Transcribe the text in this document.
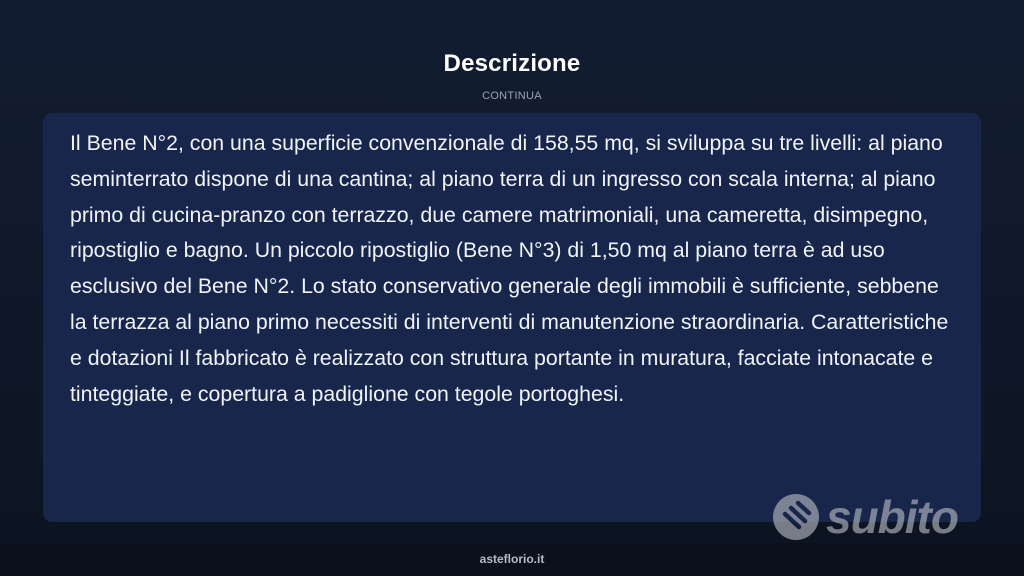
Descrizione
CONTINUA

Il Bene N°2, con una superficie convenzionale di 158,55 mq, si sviluppa su tre livelli: al piano seminterrato dispone di una cantina; al piano terra di un ingresso con scala interna; al piano primo di cucina-pranzo con terrazzo, due camere matrimoniali, una cameretta, disimpegno, ripostiglio e bagno. Un piccolo ripostiglio (Bene N°3) di 1,50 mq al piano terra è ad uso esclusivo del Bene N°2. Lo stato conservativo generale degli immobili è sufficiente, sebbene la terrazza al piano primo necessiti di interventi di manutenzione straordinaria. Caratteristiche e dotazioni Il fabbricato è realizzato con struttura portante in muratura, facciate intonacate e tinteggiate, e copertura a padiglione con tegole portoghesi.

subito
asteflorio.it
